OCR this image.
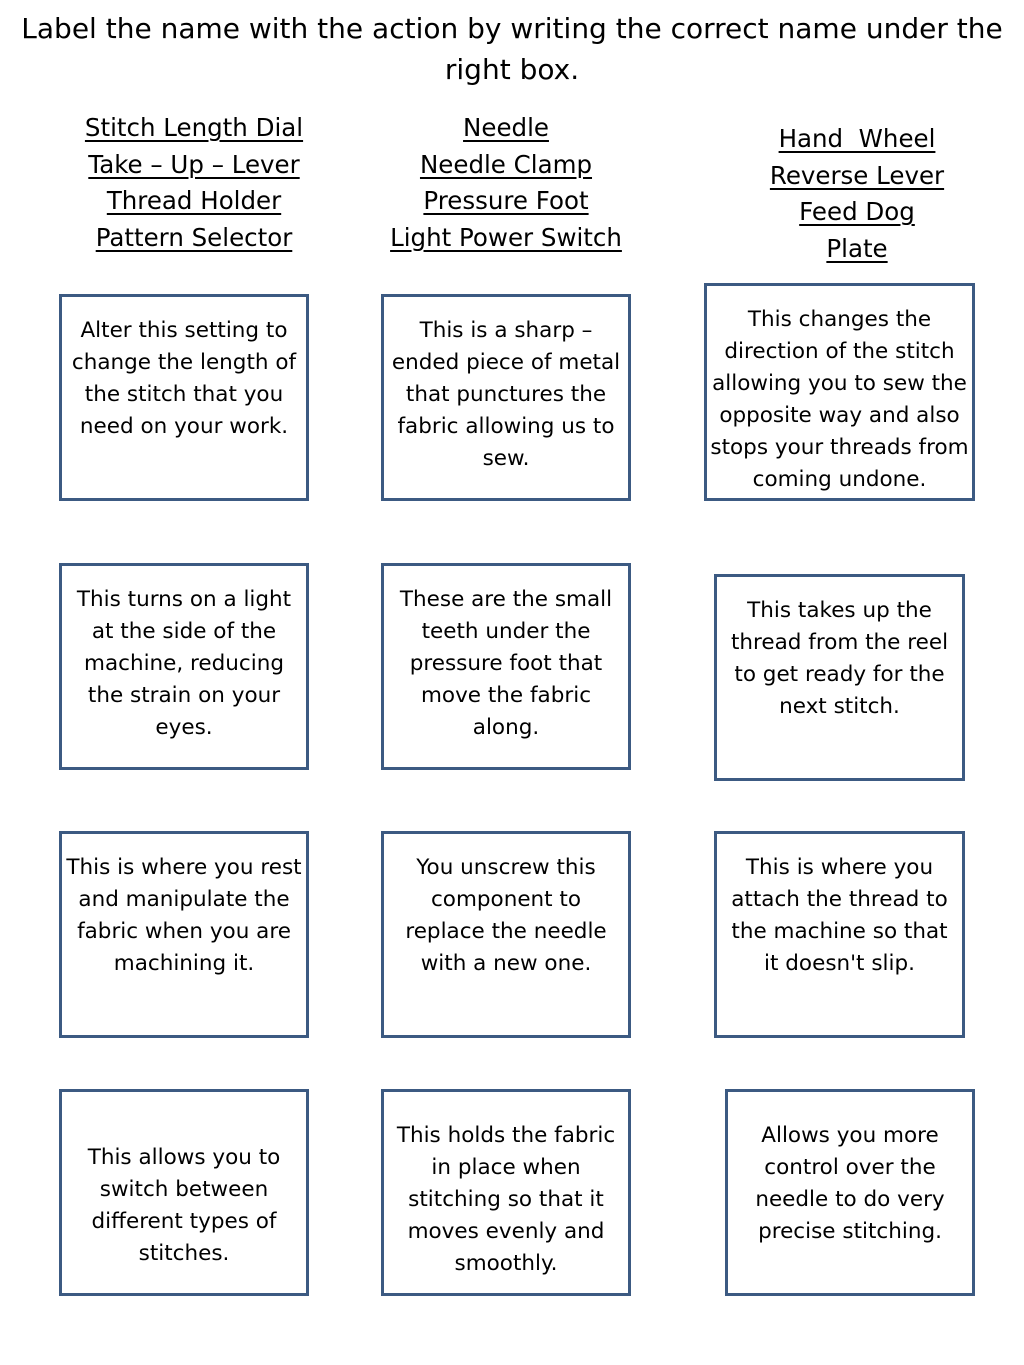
Label the name with the action by writing the correct name under the right box.
Stitch Length Dial
Take – Up – Lever
Thread Holder
Pattern Selector
Needle
Needle Clamp
Pressure Foot
Light Power Switch
Hand  Wheel
Reverse Lever
Feed Dog
Plate
Alter this setting to change the length of the stitch that you need on your work.
This is a sharp – ended piece of metal that punctures the fabric allowing us to sew.
This changes the direction of the stitch allowing you to sew the opposite way and also stops your threads from coming undone.
This turns on a light at the side of the machine, reducing the strain on your eyes.
These are the small teeth under the pressure foot that move the fabric along.
This takes up the thread from the reel to get ready for the next stitch.
This is where you rest and manipulate the fabric when you are machining it.
You unscrew this component to replace the needle with a new one.
This is where you attach the thread to the machine so that it doesn't slip.
This allows you to switch between different types of stitches.
This holds the fabric in place when stitching so that it moves evenly and smoothly.
Allows you more control over the needle to do very precise stitching.
